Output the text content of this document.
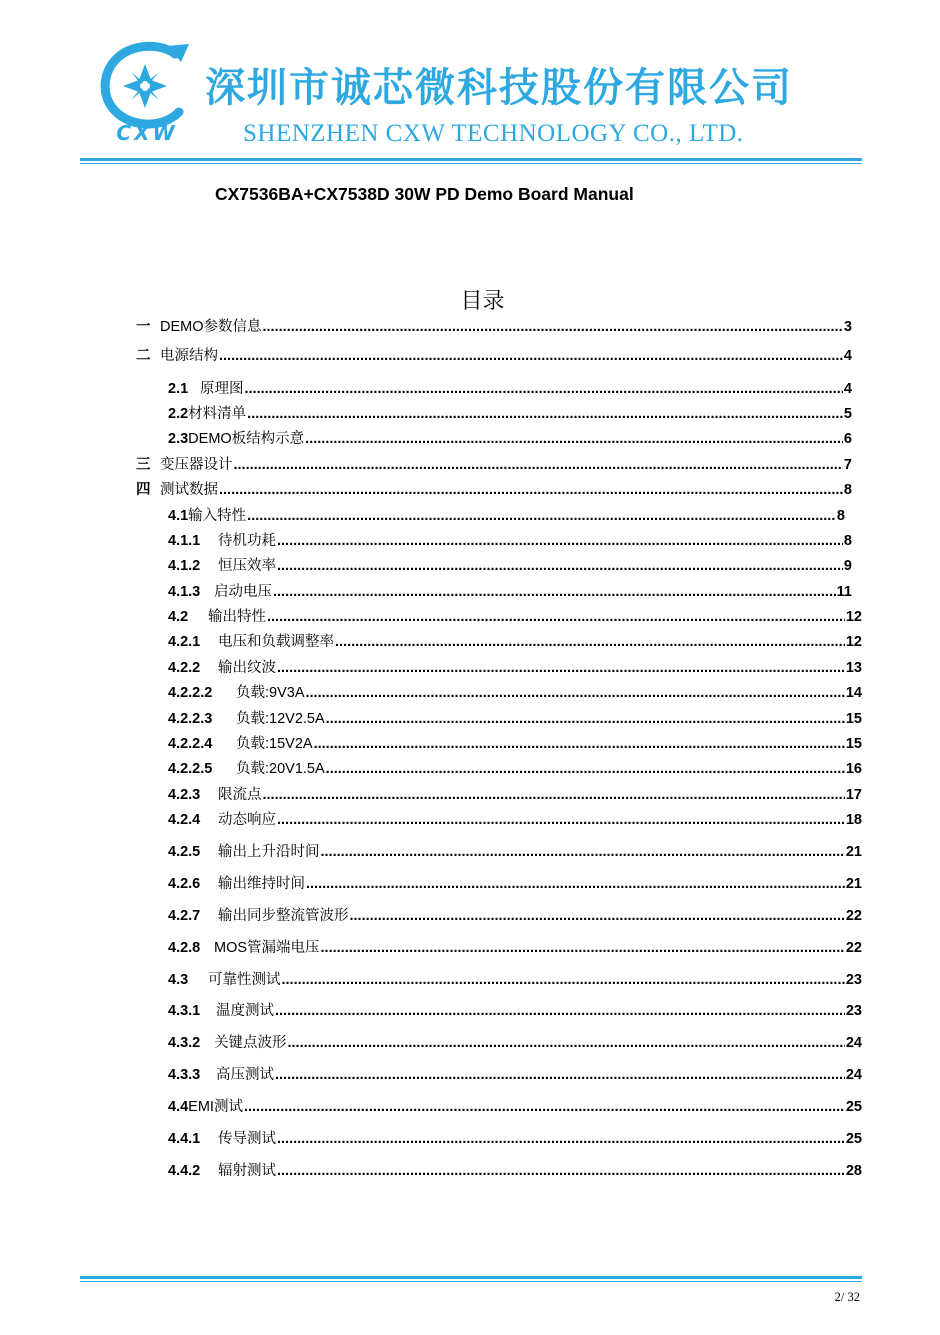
CXW
深圳市诚芯微科技股份有限公司
SHENZHEN CXW TECHNOLOGY CO., LTD.
CX7536BA+CX7538D 30W PD Demo Board Manual
目录
一 DEMO参数信息 .....	3
二 电源结构 .....	4
2.1 原理图 .....	4
2.2 材料清单 .....	5
2.3 DEMO板结构示意 .....	6
三 变压器设计 .....	7
四 测试数据 .....	8
4.1 输入特性 .....	8
4.1.1	待机功耗 .....	8
4.1.2	恒压效率 .....	9
4.1.3 启动电压 .....	11
4.2	输出特性 .....	12
4.2.1	电压和负载调整率 .....	12
4.2.2	输出纹波 .....	13
4.2.2.2	负载:9V3A .....	14
4.2.2.3	负载:12V2.5A .....	15
4.2.2.4	负载:15V2A .....	15
4.2.2.5	负载:20V1.5A .....	16
4.2.3	限流点 .....	17
4.2.4	动态响应 .....	18
4.2.5	输出上升沿时间 .....	21
4.2.6	输出维持时间 .....	21
4.2.7	输出同步整流管波形 .....	22
4.2.8 MOS管漏端电压 .....	22
4.3	可靠性测试 .....	23
4.3.1	温度测试 .....	23
4.3.2 关键点波形 .....	24
4.3.3	高压测试 .....	24
4.4 EMI测试 .....	25
4.4.1	传导测试 .....	25
4.4.2	辐射测试 .....	28
2/ 32
